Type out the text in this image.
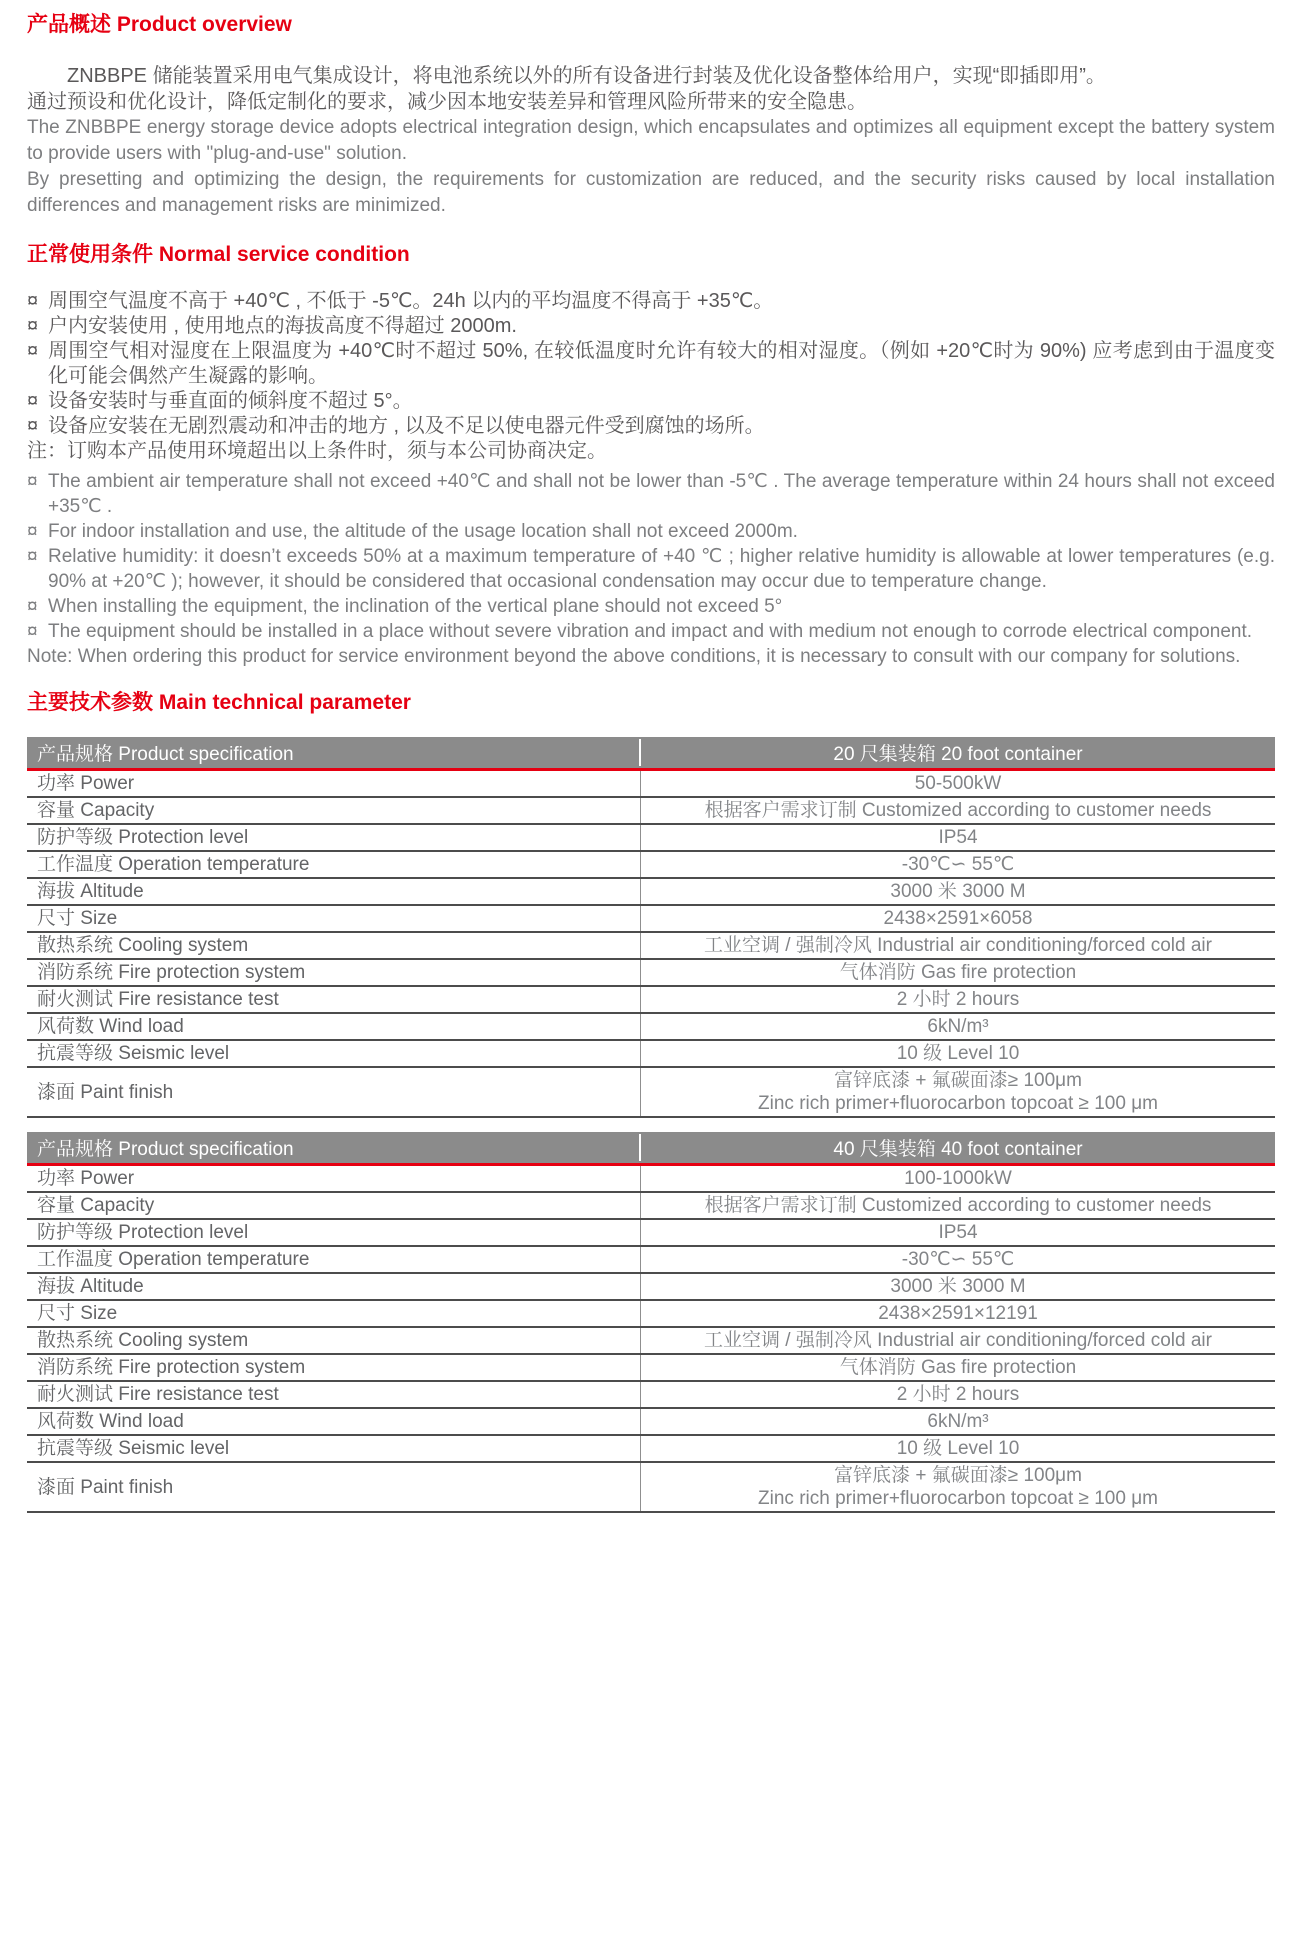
产品概述 Product overview

ZNBBPE 储能装置采用电气集成设计，将电池系统以外的所有设备进行封装及优化设备整体给用户，实现“即插即用”。

通过预设和优化设计，降低定制化的要求，减少因本地安装差异和管理风险所带来的安全隐患。

The ZNBBPE energy storage device adopts electrical integration design, which encapsulates and optimizes all equipment except the battery system to provide users with "plug-and-use" solution.

By presetting and optimizing the design, the requirements for customization are reduced, and the security risks caused by local installation differences and management risks are minimized.

正常使用条件 Normal service condition
¤ 周围空气温度不高于 +40℃ , 不低于 -5℃。24h 以内的平均温度不得高于 +35℃。
¤ 户内安装使用 , 使用地点的海拔高度不得超过 2000m.
¤ 周围空气相对湿度在上限温度为 +40℃时不超过 50%, 在较低温度时允许有较大的相对湿度。（例如 +20℃时为 90%) 应考虑到由于温度变化可能会偶然产生凝露的影响。
¤ 设备安装时与垂直面的倾斜度不超过 5°。
¤ 设备应安装在无剧烈震动和冲击的地方 , 以及不足以使电器元件受到腐蚀的场所。
注：订购本产品使用环境超出以上条件时，须与本公司协商决定。
¤ The ambient air temperature shall not exceed +40℃ and shall not be lower than -5℃ . The average temperature within 24 hours shall not exceed +35℃ .
¤ For indoor installation and use, the altitude of the usage location shall not exceed 2000m.
¤ Relative humidity: it doesn’t exceeds 50% at a maximum temperature of +40 ℃ ; higher relative humidity is allowable at lower temperatures (e.g. 90% at +20℃ ); however, it should be considered that occasional condensation may occur due to temperature change.
¤ When installing the equipment, the inclination of the vertical plane should not exceed 5°
¤ The equipment should be installed in a place without severe vibration and impact and with medium not enough to corrode electrical component.
Note: When ordering this product for service environment beyond the above conditions, it is necessary to consult with our company for solutions.
主要技术参数 Main technical parameter
产品规格 Product specification	20 尺集装箱 20 foot container
功率 Power	50-500kW
容量 Capacity	根据客户需求订制 Customized according to customer needs
防护等级 Protection level	IP54
工作温度 Operation temperature	-30℃∽ 55℃
海拔 Altitude	3000 米 3000 M
尺寸 Size	2438×2591×6058
散热系统 Cooling system	工业空调 / 强制冷风 Industrial air conditioning/forced cold air
消防系统 Fire protection system	气体消防 Gas fire protection
耐火测试 Fire resistance test	2 小时 2 hours
风荷数 Wind load	6kN/m³
抗震等级 Seismic level	10 级 Level 10
漆面 Paint finish
富锌底漆 + 氟碳面漆≥ 100μm
Zinc rich primer+fluorocarbon topcoat ≥ 100 μm
产品规格 Product specification	40 尺集装箱 40 foot container
功率 Power	100-1000kW
容量 Capacity	根据客户需求订制 Customized according to customer needs
防护等级 Protection level	IP54
工作温度 Operation temperature	-30℃∽ 55℃
海拔 Altitude	3000 米 3000 M
尺寸 Size	2438×2591×12191
散热系统 Cooling system	工业空调 / 强制冷风 Industrial air conditioning/forced cold air
消防系统 Fire protection system	气体消防 Gas fire protection
耐火测试 Fire resistance test	2 小时 2 hours
风荷数 Wind load	6kN/m³
抗震等级 Seismic level	10 级 Level 10
漆面 Paint finish
富锌底漆 + 氟碳面漆≥ 100μm
Zinc rich primer+fluorocarbon topcoat ≥ 100 μm
